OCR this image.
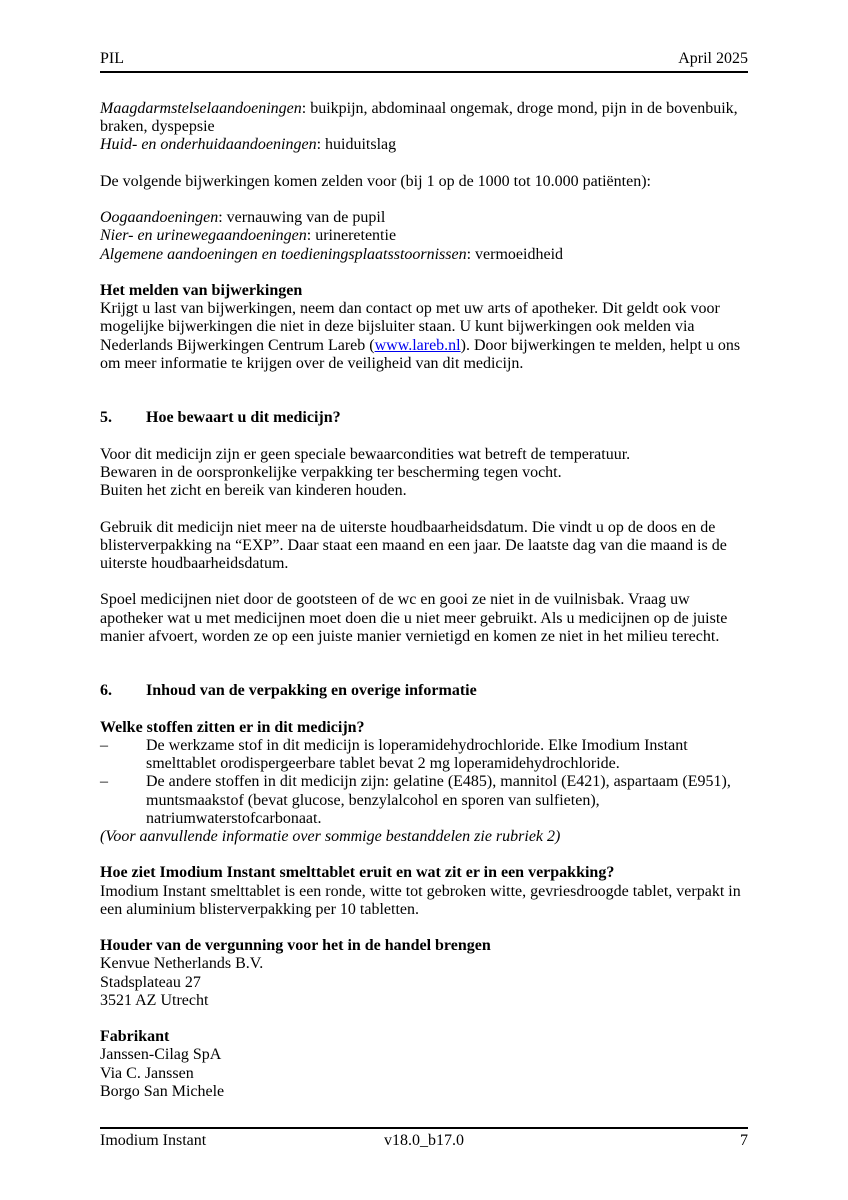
PIL	April 2025

Maagdarmstelselaandoeningen: buikpijn, abdominaal ongemak, droge mond, pijn in de bovenbuik, braken, dyspepsie

Huid- en onderhuidaandoeningen: huiduitslag

De volgende bijwerkingen komen zelden voor (bij 1 op de 1000 tot 10.000 patiënten):

Oogaandoeningen: vernauwing van de pupil

Nier- en urinewegaandoeningen: urineretentie

Algemene aandoeningen en toedieningsplaatsstoornissen: vermoeidheid

Het melden van bijwerkingen

Krijgt u last van bijwerkingen, neem dan contact op met uw arts of apotheker. Dit geldt ook voor mogelijke bijwerkingen die niet in deze bijsluiter staan. U kunt bijwerkingen ook melden via Nederlands Bijwerkingen Centrum Lareb (www.lareb.nl). Door bijwerkingen te melden, helpt u ons om meer informatie te krijgen over de veiligheid van dit medicijn.

5. Hoe bewaart u dit medicijn?

Voor dit medicijn zijn er geen speciale bewaarcondities wat betreft de temperatuur.

Bewaren in de oorspronkelijke verpakking ter bescherming tegen vocht.

Buiten het zicht en bereik van kinderen houden.

Gebruik dit medicijn niet meer na de uiterste houdbaarheidsdatum. Die vindt u op de doos en de blisterverpakking na “EXP”. Daar staat een maand en een jaar. De laatste dag van die maand is de uiterste houdbaarheidsdatum.

Spoel medicijnen niet door de gootsteen of de wc en gooi ze niet in de vuilnisbak. Vraag uw apotheker wat u met medicijnen moet doen die u niet meer gebruikt. Als u medicijnen op de juiste manier afvoert, worden ze op een juiste manier vernietigd en komen ze niet in het milieu terecht.

6. Inhoud van de verpakking en overige informatie

Welke stoffen zitten er in dit medicijn?

–	De werkzame stof in dit medicijn is loperamidehydrochloride. Elke Imodium Instant smelttablet orodispergeerbare tablet bevat 2 mg loperamidehydrochloride.
–	De andere stoffen in dit medicijn zijn: gelatine (E485), mannitol (E421), aspartaam (E951), muntsmaakstof (bevat glucose, benzylalcohol en sporen van sulfieten), natriumwaterstofcarbonaat.

(Voor aanvullende informatie over sommige bestanddelen zie rubriek 2)

Hoe ziet Imodium Instant smelttablet eruit en wat zit er in een verpakking?

Imodium Instant smelttablet is een ronde, witte tot gebroken witte, gevriesdroogde tablet, verpakt in een aluminium blisterverpakking per 10 tabletten.

Houder van de vergunning voor het in de handel brengen

Kenvue Netherlands B.V.

Stadsplateau 27

3521 AZ Utrecht

Fabrikant

Janssen-Cilag SpA

Via C. Janssen

Borgo San Michele

Imodium Instant	v18.0_b17.0	7
